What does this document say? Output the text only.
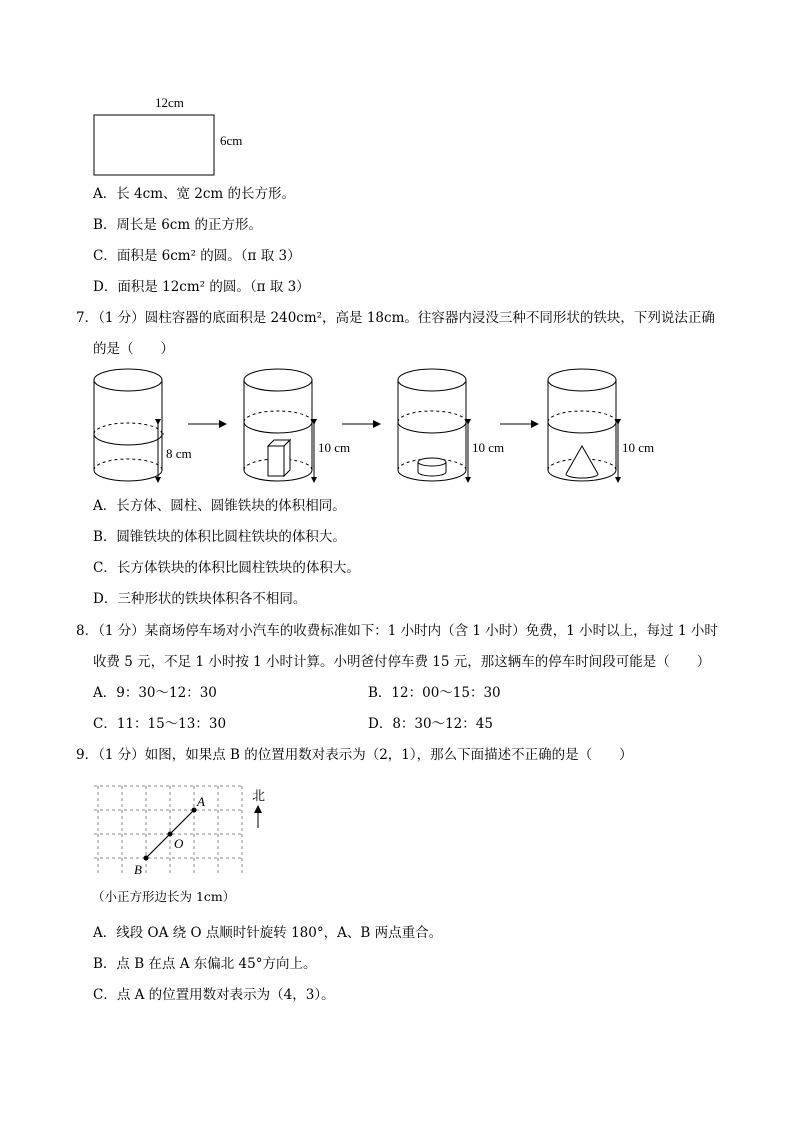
12cm
6cm
A．长 4cm、宽 2cm 的长方形。
B．周长是 6cm 的正方形。
C．面积是 6cm² 的圆。（π 取 3）
D．面积是 12cm² 的圆。（π 取 3）
7．（1 分）圆柱容器的底面积是 240cm²，高是 18cm。往容器内浸没三种不同形状的铁块，下列说法正确
的是（　　）
8 cm	10 cm	10 cm	10 cm
A．长方体、圆柱、圆锥铁块的体积相同。
B．圆锥铁块的体积比圆柱铁块的体积大。
C．长方体铁块的体积比圆柱铁块的体积大。
D．三种形状的铁块体积各不相同。
8．（1 分）某商场停车场对小汽车的收费标准如下：1 小时内（含 1 小时）免费，1 小时以上，每过 1 小时
收费 5 元，不足 1 小时按 1 小时计算。小明爸付停车费 15 元，那这辆车的停车时间段可能是（　　）
A．9：30～12：30	B．12：00～15：30
C．11：15～13：30	D．8：30～12：45
9．（1 分）如图，如果点 B 的位置用数对表示为（2，1），那么下面描述不正确的是（　　）
A
O
B
北
（小正方形边长为 1cm）
A．线段 OA 绕 O 点顺时针旋转 180°，A、B 两点重合。
B．点 B 在点 A 东偏北 45°方向上。
C．点 A 的位置用数对表示为（4，3）。
